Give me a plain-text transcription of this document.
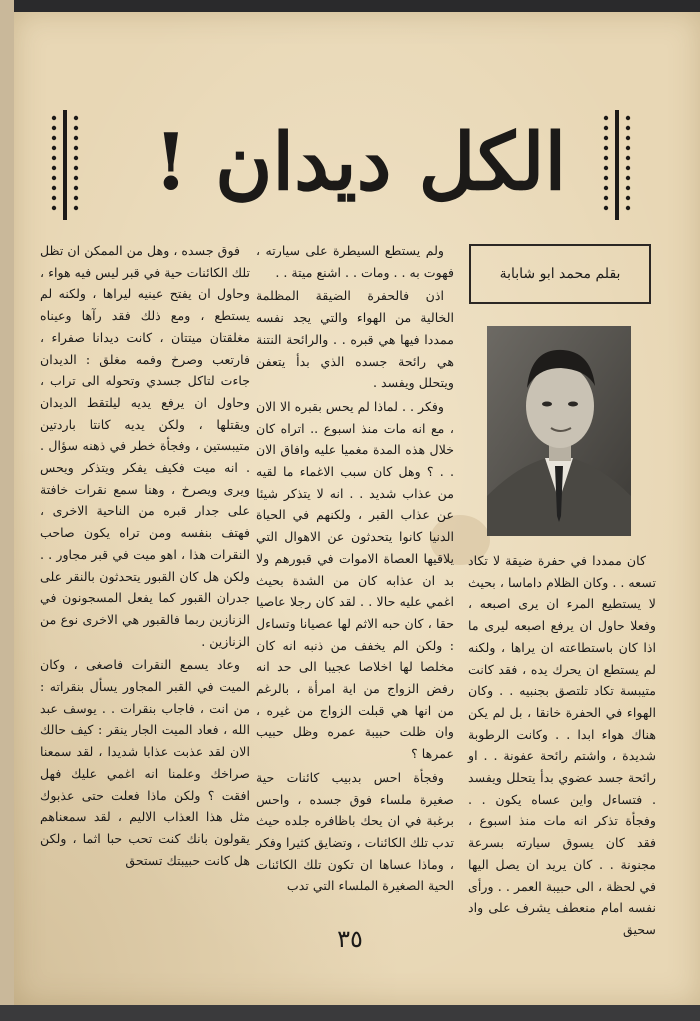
الكل ديدان !
بقلم محمد ابو شابابة

كان ممددا في حفرة ضيقة لا تكاد تسعه . . وكان الظلام داماسا ، بحيث لا يستطيع المرء ان يرى اصبعه ، وفعلا حاول ان يرفع اصبعه ليرى ما اذا كان باستطاعته ان يراها ، ولكنه لم يستطع ان يحرك يده ، فقد كانت متيبسة تكاد تلتصق بجنبيه . . وكان الهواء في الحفرة خانقا ، بل لم يكن هناك هواء ابدا . . وكانت الرطوبة شديدة ، واشتم رائحة عفونة . . او رائحة جسد عضوي بدأ يتحلل ويفسد . فتساءل واين عساه يكون . . وفجأة تذكر انه مات منذ اسبوع ، فقد كان يسوق سيارته بسرعة مجنونة . . كان يريد ان يصل اليها في لحظة ، الى حبيبة العمر . . ورأى نفسه امام منعطف يشرف على واد سحيق

ولم يستطع السيطرة على سيارته ، فهوت به . . ومات . . اشنع ميتة . .

اذن فالحفرة الضيقة المظلمة الخالية من الهواء والتي يجد نفسه ممددا فيها هي قبره . . والرائحة النتنة هي رائحة جسده الذي بدأ يتعفن ويتحلل ويفسد .

وفكر . . لماذا لم يحس بقبره الا الان ، مع انه مات منذ اسبوع .. اتراه كان خلال هذه المدة مغميا عليه وافاق الان . . ؟ وهل كان سبب الاغماء ما لقيه من عذاب شديد . . انه لا يتذكر شيئا عن عذاب القبر ، ولكنهم في الحياة الدنيا كانوا يتحدثون عن الاهوال التي يلاقيها العصاة الاموات في قبورهم ولا بد ان عذابه كان من الشدة بحيث اغمي عليه حالا . . لقد كان رجلا عاصيا حقا ، كان حبه الاثم لها عصيانا وتساءل : ولكن الم يخفف من ذنبه انه كان مخلصا لها اخلاصا عجيبا الى حد انه رفض الزواج من اية امرأة ، بالرغم من انها هي قبلت الزواج من غيره ، وان ظلت حبيبة عمره وظل حبيب عمرها ؟

وفجأة احس بدبيب كائنات حية صغيرة ملساء فوق جسده ، واحس برغبة في ان يحك باظافره جلده حيث تدب تلك الكائنات ، وتضايق كثيرا وفكر ، وماذا عساها ان تكون تلك الكائنات الحية الصغيرة الملساء التي تدب

فوق جسده ، وهل من الممكن ان تظل تلك الكائنات حية في قبر ليس فيه هواء ، وحاول ان يفتح عينيه ليراها ، ولكنه لم يستطع ، ومع ذلك فقد رآها وعيناه مغلقتان ميتتان ، كانت ديدانا صفراء ، فارتعب وصرخ وفمه مغلق : الديدان جاءت لتاكل جسدي وتحوله الى تراب ، وحاول ان يرفع يديه ليلتقط الديدان ويقتلها ، ولكن يديه كانتا باردتين متيبستين ، وفجأة خطر في ذهنه سؤال . . انه ميت فكيف يفكر ويتذكر ويحس ويرى ويصرخ ، وهنا سمع نقرات خافتة على جدار قبره من الناحية الاخرى ، فهتف بنفسه ومن تراه يكون صاحب النقرات هذا ، اهو ميت في قبر مجاور . . ولكن هل كان القبور يتحدثون بالنقر على جدران القبور كما يفعل المسجونون في الزنازين ربما فالقبور هي الاخرى نوع من الزنازين .

وعاد يسمع النقرات فاصغى ، وكان الميت في القبر المجاور يسأل بنقراته : من انت ، فاجاب بنقرات . . يوسف عبد الله ، فعاد الميت الجار ينقر : كيف حالك الان لقد عذبت عذابا شديدا ، لقد سمعنا صراخك وعلمنا انه اغمي عليك فهل افقت ؟ ولكن ماذا فعلت حتى عذبوك مثل هذا العذاب الاليم ، لقد سمعناهم يقولون بانك كنت تحب حبا اثما ، ولكن هل كانت حبيبتك تستحق

٣٥
